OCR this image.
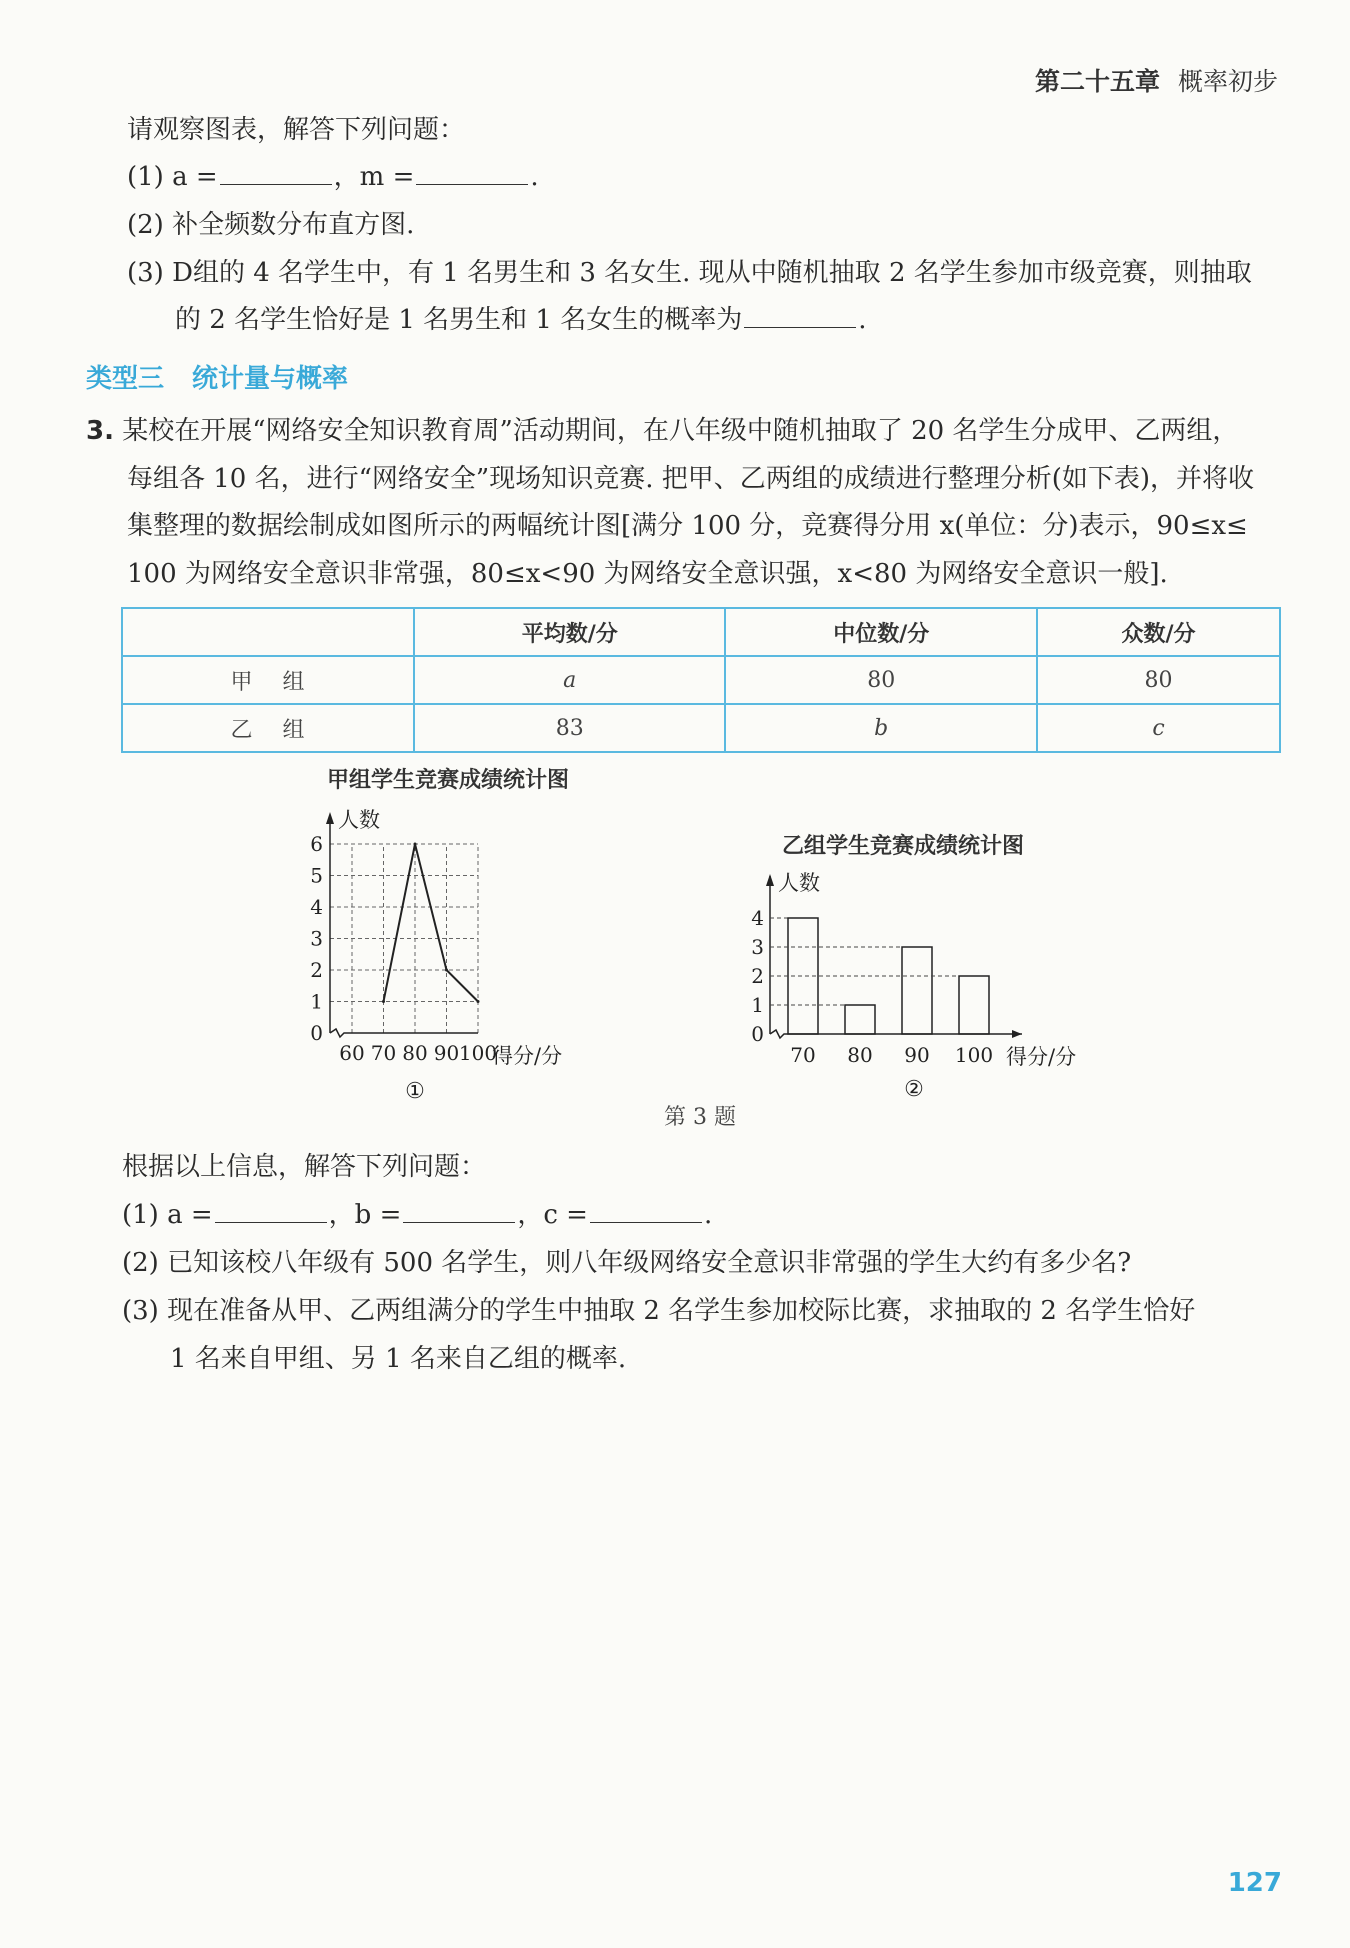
第二十五章 概率初步
请观察图表，解答下列问题：
(1) a =	，m =	.
(2) 补全频数分布直方图.
(3) D组的 4 名学生中，有 1 名男生和 3 名女生. 现从中随机抽取 2 名学生参加市级竞赛，则抽取
的 2 名学生恰好是 1 名男生和 1 名女生的概率为	.
类型三 统计量与概率
3. 某校在开展“网络安全知识教育周”活动期间，在八年级中随机抽取了 20 名学生分成甲、乙两组，
每组各 10 名，进行“网络安全”现场知识竞赛. 把甲、乙两组的成绩进行整理分析(如下表)，并将收
集整理的数据绘制成如图所示的两幅统计图[满分 100 分，竞赛得分用 x(单位：分)表示，90≤x≤
100 为网络安全意识非常强，80≤x<90 为网络安全意识强，x<80 为网络安全意识一般].
	平均数/分	中位数/分	众数/分
甲组	a	80	80
乙组	83	b	c
甲组学生竞赛成绩统计图
乙组学生竞赛成绩统计图
人数
0
1
2
3
4
5
6
60 70 80 90 100
得分/分
①
人数
0
1
2
3
4
70 80 90 100 得分/分
②
第 3 题
根据以上信息，解答下列问题：
(1) a =	，b =	，c =	.
(2) 已知该校八年级有 500 名学生，则八年级网络安全意识非常强的学生大约有多少名?
(3) 现在准备从甲、乙两组满分的学生中抽取 2 名学生参加校际比赛，求抽取的 2 名学生恰好
1 名来自甲组、另 1 名来自乙组的概率.
127
